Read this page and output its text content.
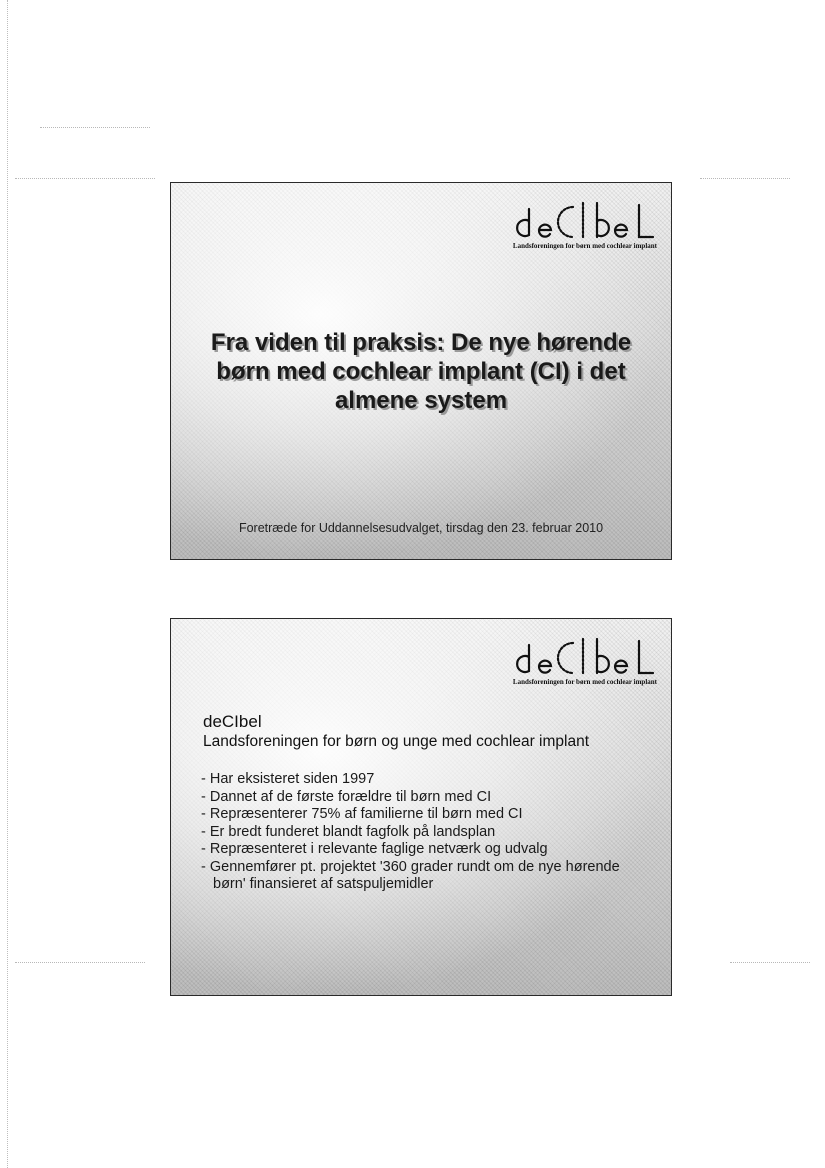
Landsforeningen for børn med cochlear implant
Fra viden til praksis: De nye hørende børn med cochlear implant (CI) i det almene system
Foretræde for Uddannelsesudvalget, tirsdag den 23. februar 2010
Landsforeningen for børn med cochlear implant
deCIbel
Landsforeningen for børn og unge med cochlear implant
- Har eksisteret siden 1997
- Dannet af de første forældre til børn med CI
- Repræsenterer 75% af familierne til børn med CI
- Er bredt funderet blandt fagfolk på landsplan
- Repræsenteret i relevante faglige netværk og udvalg
- Gennemfører pt. projektet '360 grader rundt om de nye hørende børn' finansieret af satspuljemidler
